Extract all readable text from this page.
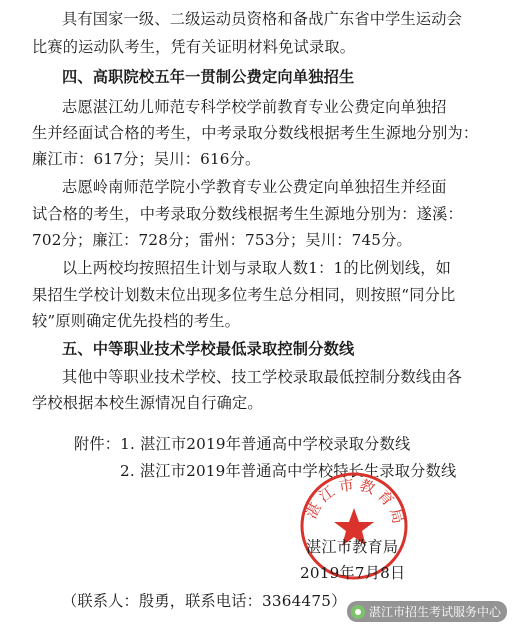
具有国家一级、二级运动员资格和备战广东省中学生运动会
比赛的运动队考生，凭有关证明材料免试录取。
四、高职院校五年一贯制公费定向单独招生
志愿湛江幼儿师范专科学校学前教育专业公费定向单独招
生并经面试合格的考生，中考录取分数线根据考生生源地分别为：
廉江市：617分；吴川：616分。
志愿岭南师范学院小学教育专业公费定向单独招生并经面
试合格的考生，中考录取分数线根据考生生源地分别为：遂溪：
702分；廉江：728分；雷州：753分；吴川：745分。
以上两校均按照招生计划与录取人数1：1的比例划线，如
果招生学校计划数末位出现多位考生总分相同，则按照“同分比
较”原则确定优先投档的考生。
五、中等职业技术学校最低录取控制分数线
其他中等职业技术学校、技工学校录取最低控制分数线由各
学校根据本校生源情况自行确定。
附件：1. 湛江市2019年普通高中学校录取分数线
2. 湛江市2019年普通高中学校特长生录取分数线
湛江市教育局
湛江市教育局
2019年7月8日
（联系人：殷勇，联系电话：3364475）
湛江市招生考试服务中心
